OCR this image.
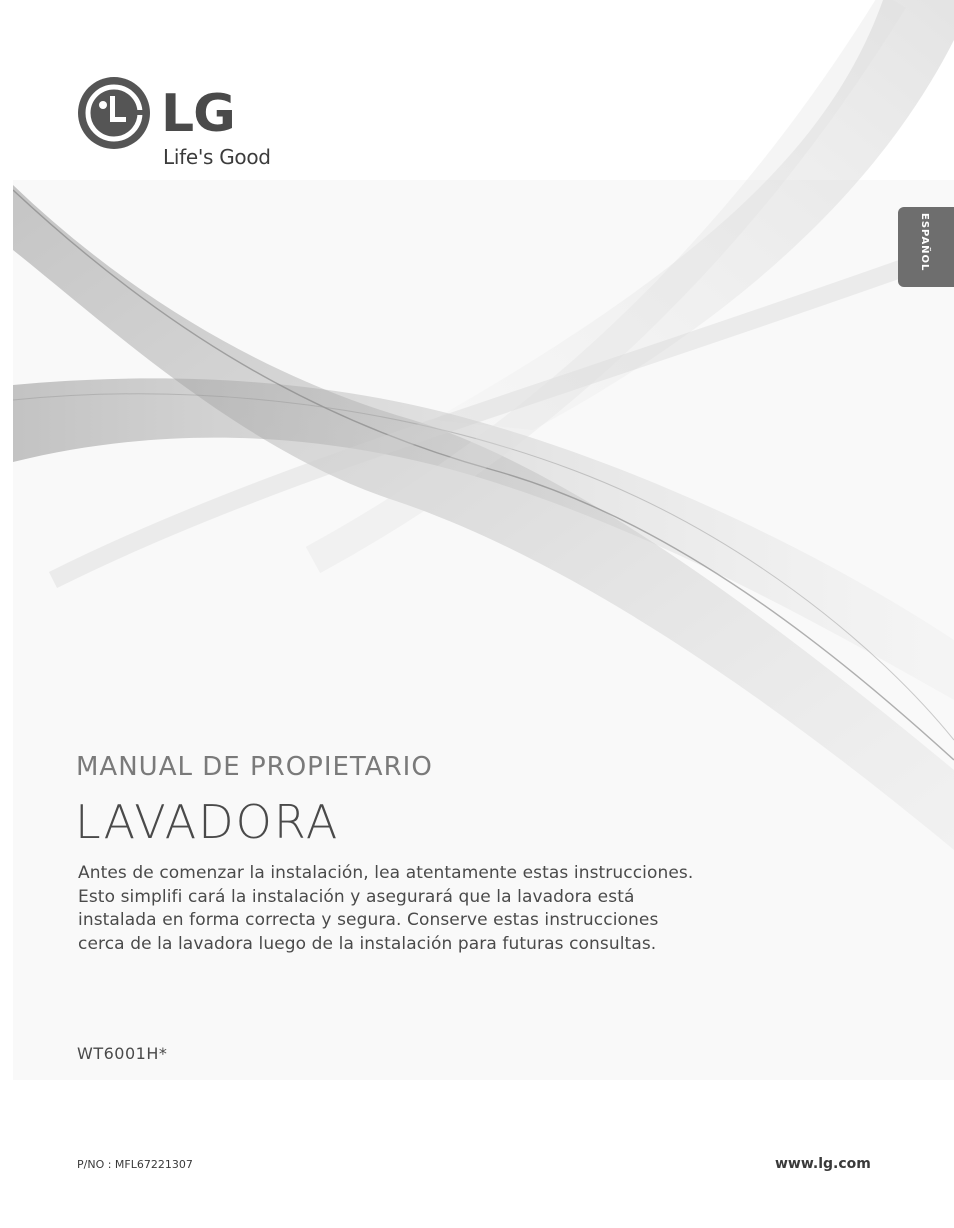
LG
Life's Good
ESPAÑOL
MANUAL DE PROPIETARIO
LAVADORA
Antes de comenzar la instalación, lea atentamente estas instrucciones.
Esto simplifi cará la instalación y asegurará que la lavadora está
instalada en forma correcta y segura. Conserve estas instrucciones
cerca de la lavadora luego de la instalación para futuras consultas.
WT6001H*
P/NO : MFL67221307	www.lg.com
